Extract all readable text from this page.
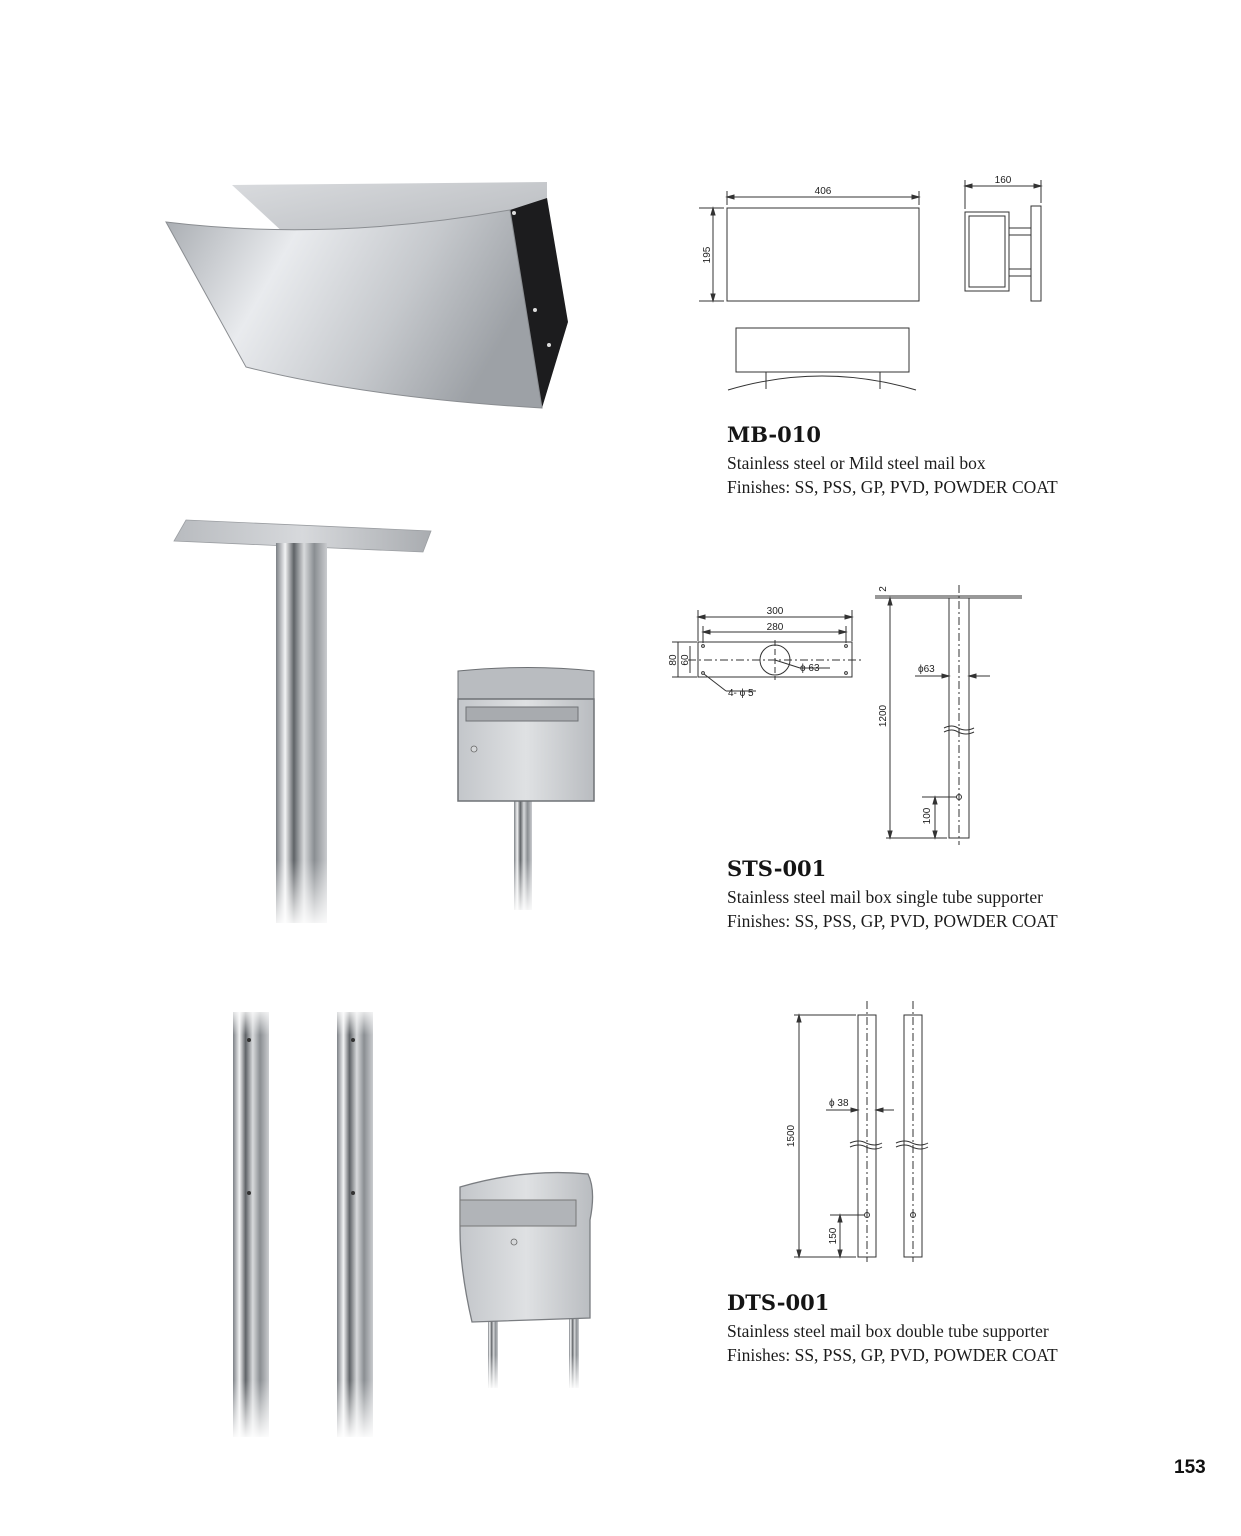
406
195
160
300
280
80 60
4- ϕ 5
ϕ 63
2
1200
100
ϕ63
1500
ϕ 38
150
MB-010
Stainless steel or Mild steel mail box
Finishes: SS, PSS, GP, PVD, POWDER COAT
STS-001
Stainless steel mail box single tube supporter
Finishes: SS, PSS, GP, PVD, POWDER COAT
DTS-001
Stainless steel mail box double tube supporter
Finishes: SS, PSS, GP, PVD, POWDER COAT
153
